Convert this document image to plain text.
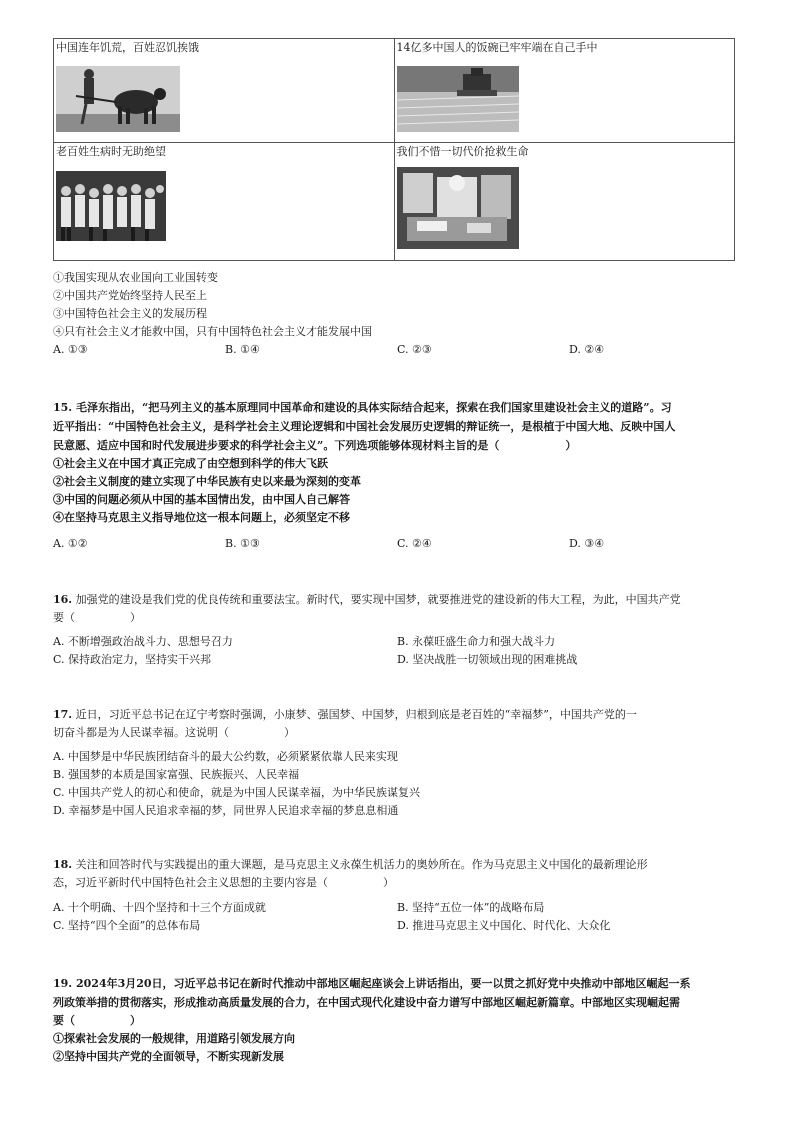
中国连年饥荒，百姓忍饥挨饿	14亿多中国人的饭碗已牢牢端在自己手中

老百姓生病时无助绝望	我们不惜一切代价抢救生命
①我国实现从农业国向工业国转变
②中国共产党始终坚持人民至上
③中国特色社会主义的发展历程
④只有社会主义才能救中国，只有中国特色社会主义才能发展中国
A. ①③	B. ①④	C. ②③	D. ②④
15. 毛泽东指出，“把马列主义的基本原理同中国革命和建设的具体实际结合起来，探索在我们国家里建设社会主义的道路”。习
近平指出：“中国特色社会主义，是科学社会主义理论逻辑和中国社会发展历史逻辑的辩证统一，是根植于中国大地、反映中国人
民意愿、适应中国和时代发展进步要求的科学社会主义”。下列选项能够体现材料主旨的是（　　　　　　）
①社会主义在中国才真正完成了由空想到科学的伟大飞跃
②社会主义制度的建立实现了中华民族有史以来最为深刻的变革
③中国的问题必须从中国的基本国情出发，由中国人自己解答
④在坚持马克思主义指导地位这一根本问题上，必须坚定不移
A. ①②	B. ①③	C. ②④	D. ③④
16. 加强党的建设是我们党的优良传统和重要法宝。新时代，要实现中国梦，就要推进党的建设新的伟大工程，为此，中国共产党
要（　　　　　）
A. 不断增强政治战斗力、思想号召力	B. 永葆旺盛生命力和强大战斗力
C. 保持政治定力，坚持实干兴邦	D. 坚决战胜一切领域出现的困难挑战
17. 近日，习近平总书记在辽宁考察时强调，小康梦、强国梦、中国梦，归根到底是老百姓的“幸福梦”，中国共产党的一
切奋斗都是为人民谋幸福。这说明（　　　　　）
A. 中国梦是中华民族团结奋斗的最大公约数，必须紧紧依靠人民来实现
B. 强国梦的本质是国家富强、民族振兴、人民幸福
C. 中国共产党人的初心和使命，就是为中国人民谋幸福，为中华民族谋复兴
D. 幸福梦是中国人民追求幸福的梦，同世界人民追求幸福的梦息息相通
18. 关注和回答时代与实践提出的重大课题，是马克思主义永葆生机活力的奥妙所在。作为马克思主义中国化的最新理论形
态，习近平新时代中国特色社会主义思想的主要内容是（　　　　　）
A. 十个明确、十四个坚持和十三个方面成就	B. 坚持“五位一体”的战略布局
C. 坚持“四个全面”的总体布局	D. 推进马克思主义中国化、时代化、大众化
19. 2024年3月20日，习近平总书记在新时代推动中部地区崛起座谈会上讲话指出，要一以贯之抓好党中央推动中部地区崛起一系
列政策举措的贯彻落实，形成推动高质量发展的合力，在中国式现代化建设中奋力谱写中部地区崛起新篇章。中部地区实现崛起需
要（　　　　　）
①探索社会发展的一般规律，用道路引领发展方向
②坚持中国共产党的全面领导，不断实现新发展
